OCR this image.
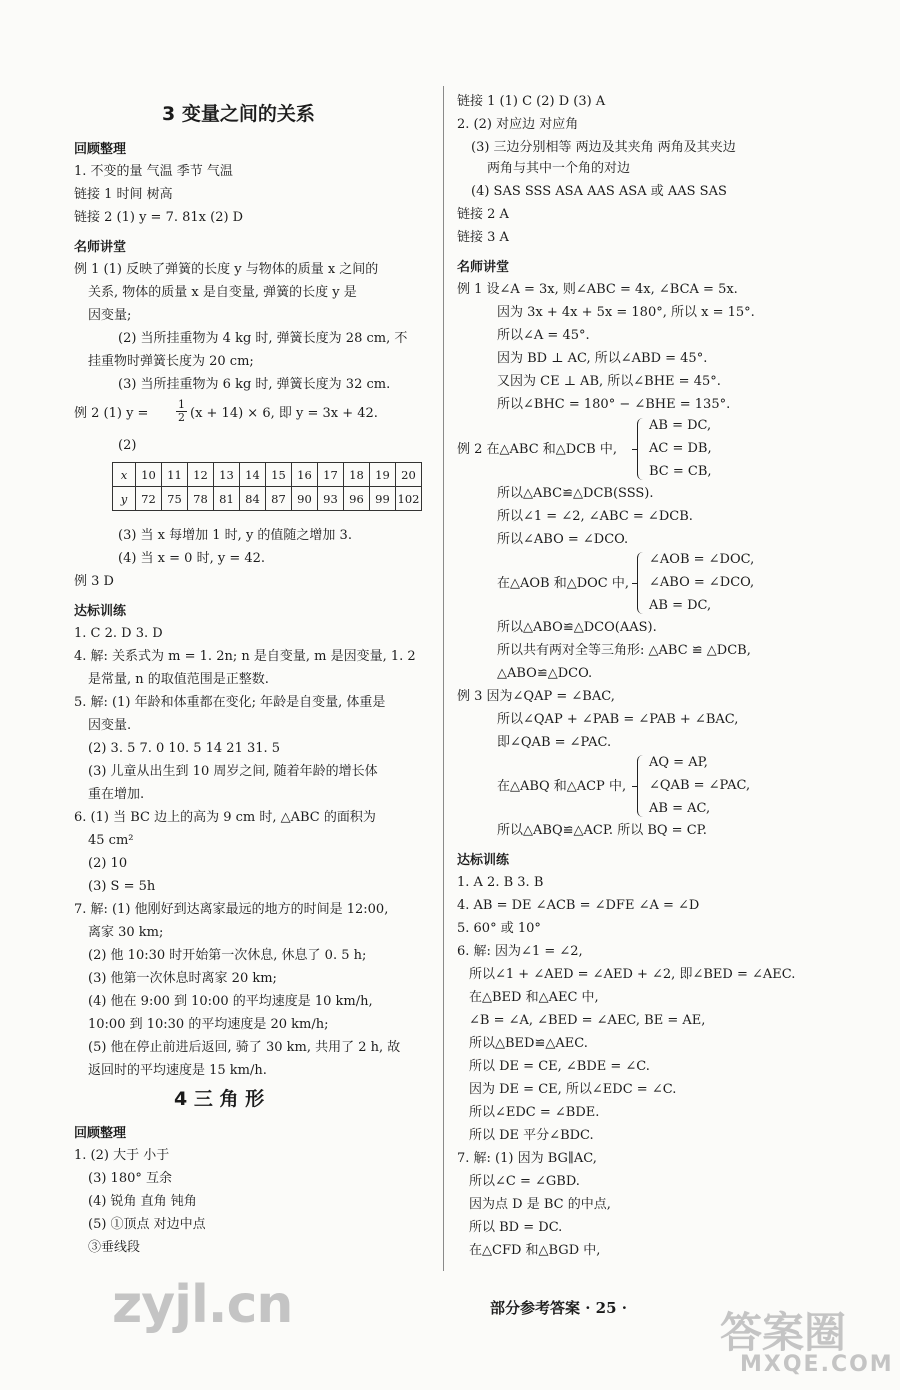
3 变量之间的关系
回顾整理
1. 不变的量 气温 季节 气温
链接 1 时间 树高
链接 2 (1) y = 7. 81x (2) D
名师讲堂
例 1 (1) 反映了弹簧的长度 y 与物体的质量 x 之间的
关系, 物体的质量 x 是自变量, 弹簧的长度 y 是
因变量;
(2) 当所挂重物为 4 kg 时, 弹簧长度为 28 cm, 不
挂重物时弹簧长度为 20 cm;
(3) 当所挂重物为 6 kg 时, 弹簧长度为 32 cm.
例 2 (1) y =	$\frac{1}{2} (x + 14) \times 6$, 即 y = 3x + 42.
(2)
x	10	11	12	13	14	15	16	17	18	19	20
y	72	75	78	81	84	87	90	93	96	99	102
(3) 当 x 每增加 1 时, y 的值随之增加 3.
(4) 当 x = 0 时, y = 42.
例 3 D
达标训练
1. C 2. D 3. D
4. 解: 关系式为 m = 1. 2n; n 是自变量, m 是因变量, 1. 2
是常量, n 的取值范围是正整数.
5. 解: (1) 年龄和体重都在变化; 年龄是自变量, 体重是
因变量.
(2) 3. 5 7. 0 10. 5 14 21 31. 5
(3) 儿童从出生到 10 周岁之间, 随着年龄的增长体
重在增加.
6. (1) 当 BC 边上的高为 9 cm 时, △ABC 的面积为
45 cm²
(2) 10
(3) S = 5h
7. 解: (1) 他刚好到达离家最远的地方的时间是 12:00,
离家 30 km;
(2) 他 10:30 时开始第一次休息, 休息了 0. 5 h;
(3) 他第一次休息时离家 20 km;
(4) 他在 9:00 到 10:00 的平均速度是 10 km/h,
10:00 到 10:30 的平均速度是 20 km/h;
(5) 他在停止前进后返回, 骑了 30 km, 共用了 2 h, 故
返回时的平均速度是 15 km/h.
4 三 角 形
回顾整理
1. (2) 大于 小于
(3) 180° 互余
(4) 锐角 直角 钝角
(5) ①顶点 对边中点
③垂线段
链接 1 (1) C (2) D (3) A
2. (2) 对应边 对应角
(3) 三边分别相等 两边及其夹角 两角及其夹边
两角与其中一个角的对边
(4) SAS SSS ASA AAS ASA 或 AAS SAS
链接 2 A
链接 3 A
名师讲堂
例 1 设∠A = 3x, 则∠ABC = 4x, ∠BCA = 5x.
因为 3x + 4x + 5x = 180°, 所以 x = 15°.
所以∠A = 45°.
因为 BD ⊥ AC, 所以∠ABD = 45°.
又因为 CE ⊥ AB, 所以∠BHE = 45°.
所以∠BHC = 180° − ∠BHE = 135°.
例 2 在△ABC 和△DCB 中,
AB = DC,
AC = DB,
BC = CB,
所以△ABC≌△DCB(SSS).
所以∠1 = ∠2, ∠ABC = ∠DCB.
所以∠ABO = ∠DCO.
在△AOB 和△DOC 中,
∠AOB = ∠DOC,
∠ABO = ∠DCO,
AB = DC,
所以△ABO≌△DCO(AAS).
所以共有两对全等三角形: △ABC ≌ △DCB,
△ABO≌△DCO.
例 3 因为∠QAP = ∠BAC,
所以∠QAP + ∠PAB = ∠PAB + ∠BAC,
即∠QAB = ∠PAC.
在△ABQ 和△ACP 中,
AQ = AP,
∠QAB = ∠PAC,
AB = AC,
所以△ABQ≌△ACP. 所以 BQ = CP.
达标训练
1. A 2. B 3. B
4. AB = DE ∠ACB = ∠DFE ∠A = ∠D
5. 60° 或 10°
6. 解: 因为∠1 = ∠2,
所以∠1 + ∠AED = ∠AED + ∠2, 即∠BED = ∠AEC.
在△BED 和△AEC 中,
∠B = ∠A, ∠BED = ∠AEC, BE = AE,
所以△BED≌△AEC.
所以 DE = CE, ∠BDE = ∠C.
因为 DE = CE, 所以∠EDC = ∠C.
所以∠EDC = ∠BDE.
所以 DE 平分∠BDC.
7. 解: (1) 因为 BG∥AC,
所以∠C = ∠GBD.
因为点 D 是 BC 的中点,
所以 BD = DC.
在△CFD 和△BGD 中,
部分参考答案 · 25 ·
zyjl.cn	答案圈
MXQE.COM
